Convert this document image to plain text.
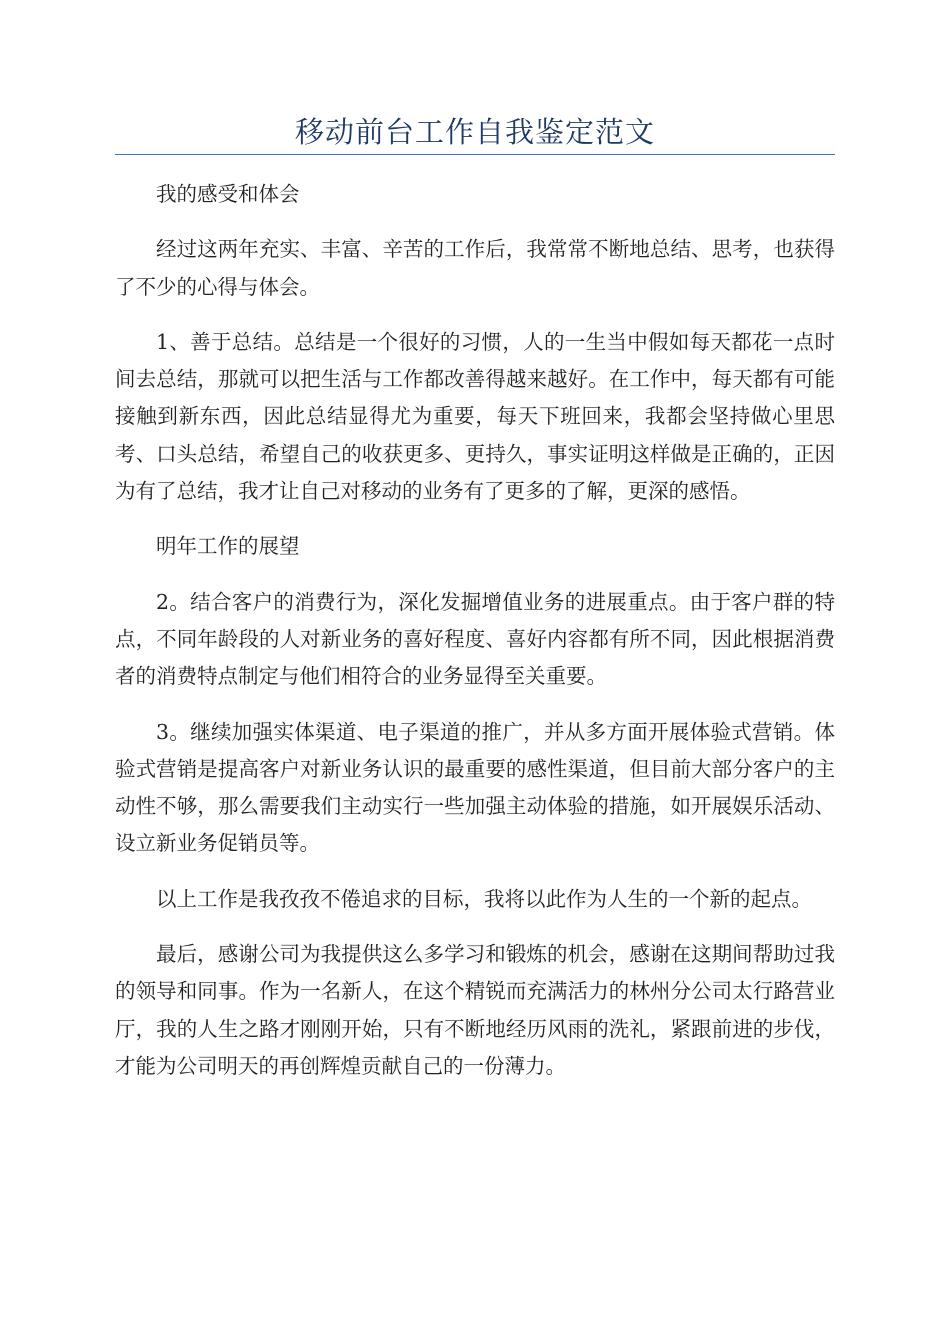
移动前台工作自我鉴定范文

我的感受和体会

经过这两年充实、丰富、辛苦的工作后，我常常不断地总结、思考，也获得了不少的心得与体会。

1、善于总结。总结是一个很好的习惯，人的一生当中假如每天都花一点时间去总结，那就可以把生活与工作都改善得越来越好。在工作中，每天都有可能接触到新东西，因此总结显得尤为重要，每天下班回来，我都会坚持做心里思考、口头总结，希望自己的收获更多、更持久，事实证明这样做是正确的，正因为有了总结，我才让自己对移动的业务有了更多的了解，更深的感悟。

明年工作的展望

2。结合客户的消费行为，深化发掘增值业务的进展重点。由于客户群的特点，不同年龄段的人对新业务的喜好程度、喜好内容都有所不同，因此根据消费者的消费特点制定与他们相符合的业务显得至关重要。

3。继续加强实体渠道、电子渠道的推广，并从多方面开展体验式营销。体验式营销是提高客户对新业务认识的最重要的感性渠道，但目前大部分客户的主动性不够，那么需要我们主动实行一些加强主动体验的措施，如开展娱乐活动、设立新业务促销员等。

以上工作是我孜孜不倦追求的目标，我将以此作为人生的一个新的起点。

最后，感谢公司为我提供这么多学习和锻炼的机会，感谢在这期间帮助过我的领导和同事。作为一名新人，在这个精锐而充满活力的林州分公司太行路营业厅，我的人生之路才刚刚开始，只有不断地经历风雨的洗礼，紧跟前进的步伐，才能为公司明天的再创辉煌贡献自己的一份薄力。
